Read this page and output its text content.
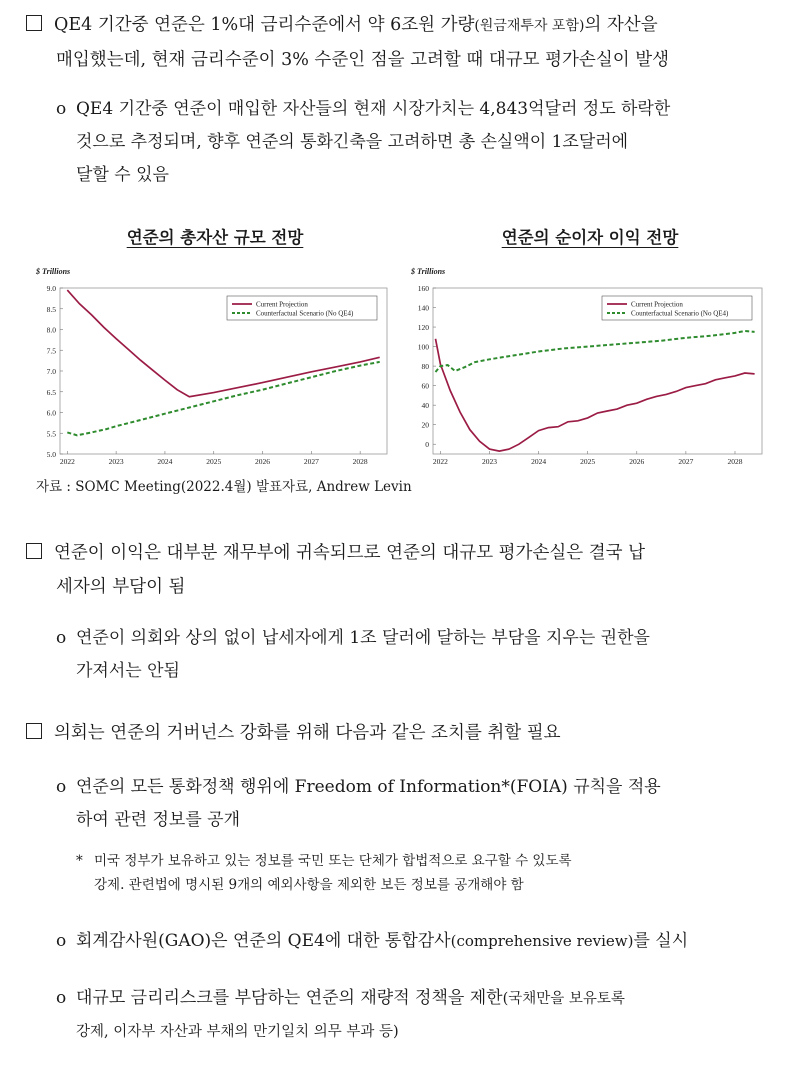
QE4 기간중 연준은 1%대 금리수준에서 약 6조원 가량(원금재투자 포함)의 자산을
매입했는데, 현재 금리수준이 3% 수준인 점을 고려할 때 대규모 평가손실이 발생
o QE4 기간중 연준이 매입한 자산들의 현재 시장가치는 4,843억달러 정도 하락한
것으로 추정되며, 향후 연준의 통화긴축을 고려하면 총 손실액이 1조달러에
달할 수 있음
연준의 총자산 규모 전망	연준의 순이자 이익 전망
$ Trillions
9.0
8.5
8.0
7.5
7.0
6.5
6.0
5.5
5.0
2022	2023	2024	2025	2026	2027	2028
Current Projection
Counterfactual Scenario (No QE4)
$ Trillions
160
140
120
100
80
60
40
20
0
2022	2023	2024	2025	2026	2027	2028
Current Projection
Counterfactual Scenario (No QE4)
자료 : SOMC Meeting(2022.4월) 발표자료, Andrew Levin
연준이 이익은 대부분 재무부에 귀속되므로 연준의 대규모 평가손실은 결국 납
세자의 부담이 됨
o 연준이 의회와 상의 없이 납세자에게 1조 달러에 달하는 부담을 지우는 권한을
가져서는 안됨
의회는 연준의 거버넌스 강화를 위해 다음과 같은 조치를 취할 필요
o 연준의 모든 통화정책 행위에 Freedom of Information*(FOIA) 규칙을 적용
하여 관련 정보를 공개
* 미국 정부가 보유하고 있는 정보를 국민 또는 단체가 합법적으로 요구할 수 있도록
강제. 관련법에 명시된 9개의 예외사항을 제외한 보든 정보를 공개해야 함
o 회계감사원(GAO)은 연준의 QE4에 대한 통합감사(comprehensive review)를 실시
o 대규모 금리리스크를 부담하는 연준의 재량적 정책을 제한(국채만을 보유토록
강제, 이자부 자산과 부채의 만기일치 의무 부과 등)
